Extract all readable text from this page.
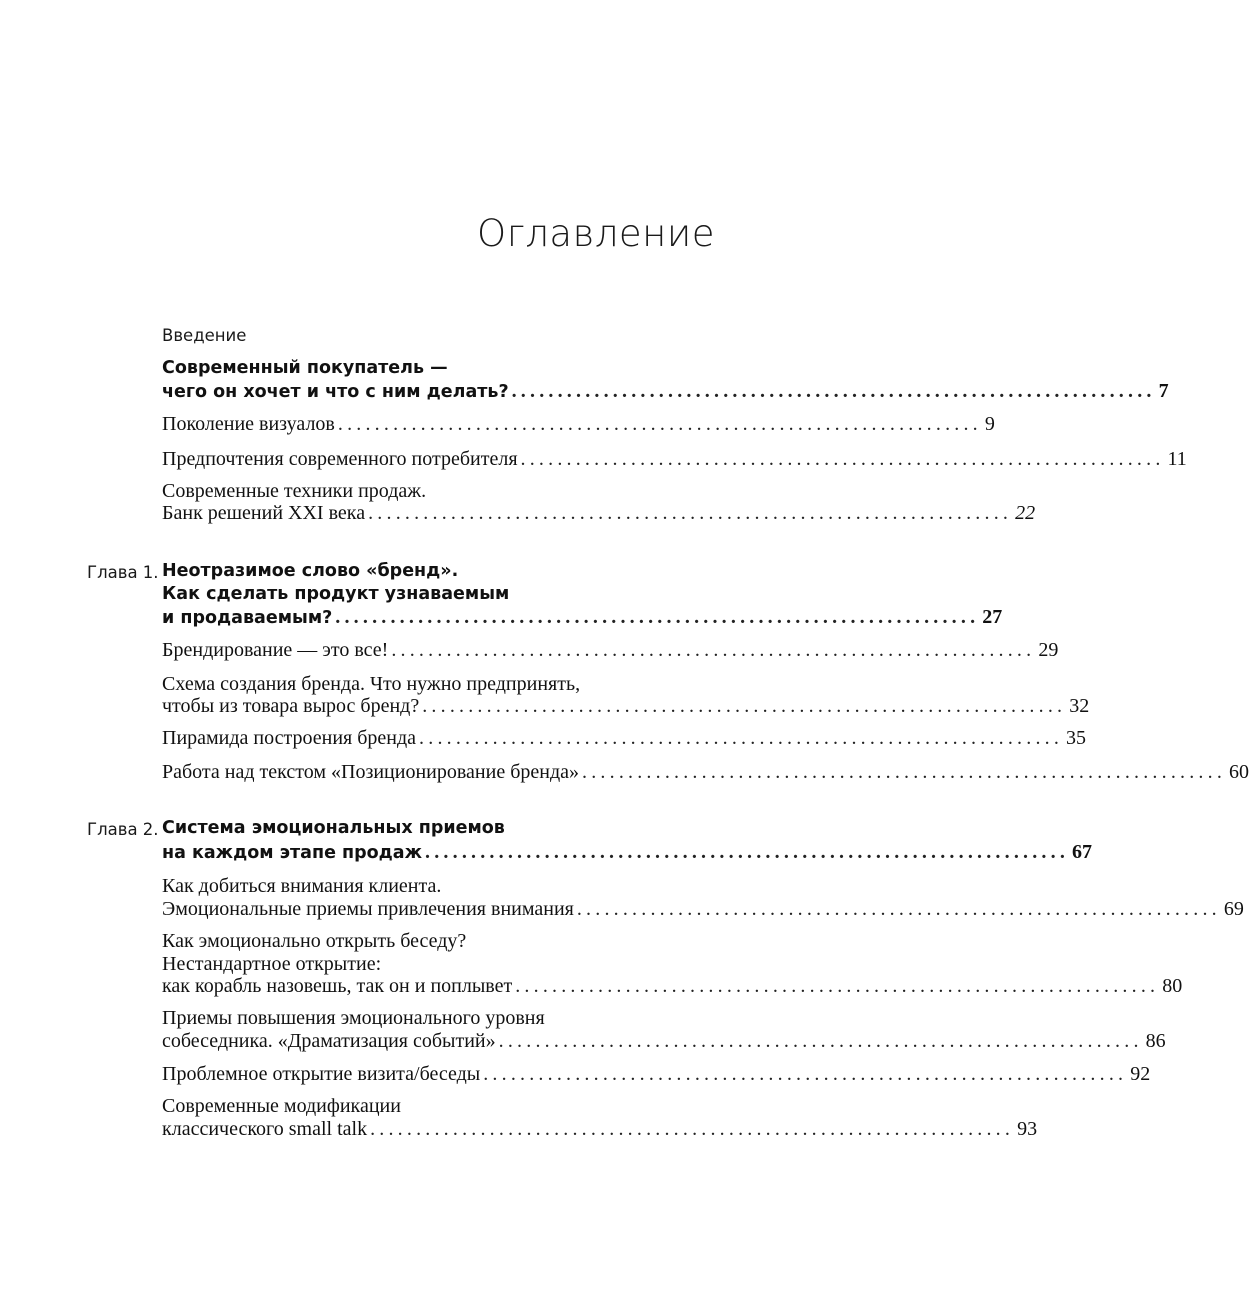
Оглавление
Введение
Современный покупатель —
чего он хочет и что с ним делать? ...................................................................... 7
Поколение визуалов ...................................................................... 9
Предпочтения современного потребителя ...................................................................... 11
Современные техники продаж.
Банк решений XXI века ...................................................................... 22
Глава 1. Неотразимое слово «бренд».
Как сделать продукт узнаваемым
и продаваемым? ...................................................................... 27
Брендирование — это все! ...................................................................... 29
Схема создания бренда. Что нужно предпринять,
чтобы из товара вырос бренд? ...................................................................... 32
Пирамида построения бренда ...................................................................... 35
Работа над текстом «Позиционирование бренда» ...................................................................... 60
Глава 2. Система эмоциональных приемов
на каждом этапе продаж ...................................................................... 67
Как добиться внимания клиента.
Эмоциональные приемы привлечения внимания ...................................................................... 69
Как эмоционально открыть беседу?
Нестандартное открытие:
как корабль назовешь, так он и поплывет ...................................................................... 80
Приемы повышения эмоционального уровня
собеседника. «Драматизация событий» ...................................................................... 86
Проблемное открытие визита/беседы ...................................................................... 92
Современные модификации
классического small talk ...................................................................... 93
